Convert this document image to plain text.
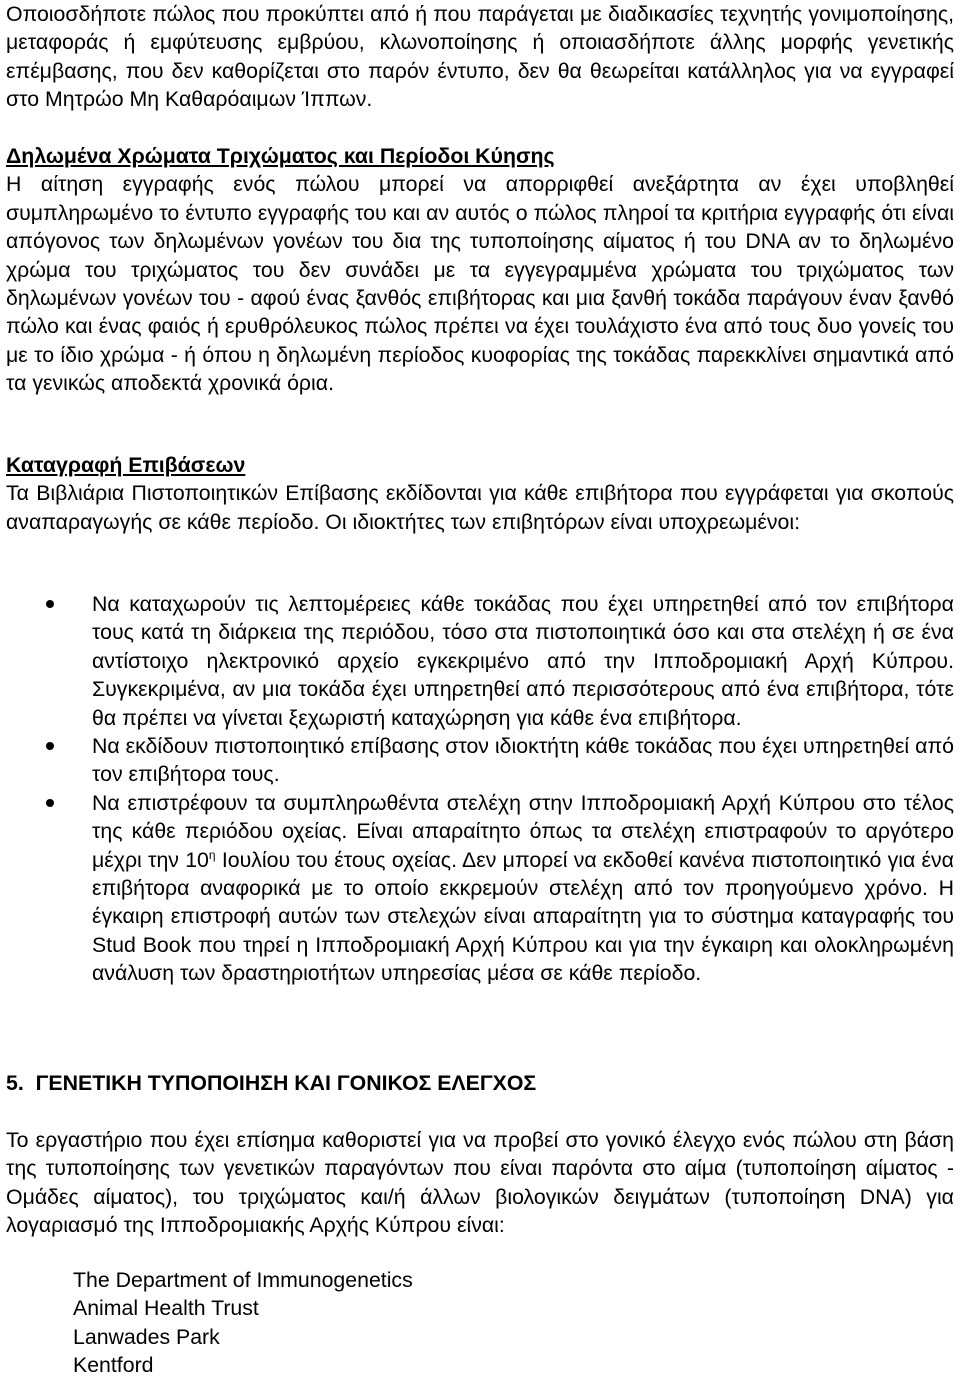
Οποιοσδήποτε πώλος που προκύπτει από ή που παράγεται με διαδικασίες τεχνητής γονιμοποίησης, μεταφοράς ή εμφύτευσης εμβρύου, κλωνοποίησης ή οποιασδήποτε άλλης μορφής γενετικής επέμβασης, που δεν καθορίζεται στο παρόν έντυπο, δεν θα θεωρείται κατάλληλος για να εγγραφεί στο Μητρώο Μη Καθαρόαιμων Ίππων.

Δηλωμένα Χρώματα Τριχώματος και Περίοδοι Κύησης

Η αίτηση εγγραφής ενός πώλου μπορεί να απορριφθεί ανεξάρτητα αν έχει υποβληθεί συμπληρωμένο το έντυπο εγγραφής του και αν αυτός ο πώλος πληροί τα κριτήρια εγγραφής ότι είναι απόγονος των δηλωμένων γονέων του δια της τυποποίησης αίματος ή του DNA αν το δηλωμένο χρώμα του τριχώματος του δεν συνάδει με τα εγγεγραμμένα χρώματα του τριχώματος των δηλωμένων γονέων του - αφού ένας ξανθός επιβήτορας και μια ξανθή τοκάδα παράγουν έναν ξανθό πώλο και ένας φαιός ή ερυθρόλευκος πώλος πρέπει να έχει τουλάχιστο ένα από τους δυο γονείς του με το ίδιο χρώμα - ή όπου η δηλωμένη περίοδος κυοφορίας της τοκάδας παρεκκλίνει σημαντικά από τα γενικώς αποδεκτά χρονικά όρια.

Καταγραφή Επιβάσεων

Τα Βιβλιάρια Πιστοποιητικών Επίβασης εκδίδονται για κάθε επιβήτορα που εγγράφεται για σκοπούς αναπαραγωγής σε κάθε περίοδο. Οι ιδιοκτήτες των επιβητόρων είναι υποχρεωμένοι:

Να καταχωρούν τις λεπτομέρειες κάθε τοκάδας που έχει υπηρετηθεί από τον επιβήτορα τους κατά τη διάρκεια της περιόδου, τόσο στα πιστοποιητικά όσο και στα στελέχη ή σε ένα αντίστοιχο ηλεκτρονικό αρχείο εγκεκριμένο από την Ιπποδρομιακή Αρχή Κύπρου. Συγκεκριμένα, αν μια τοκάδα έχει υπηρετηθεί από περισσότερους από ένα επιβήτορα, τότε θα πρέπει να γίνεται ξεχωριστή καταχώρηση για κάθε ένα επιβήτορα.
Να εκδίδουν πιστοποιητικό επίβασης στον ιδιοκτήτη κάθε τοκάδας που έχει υπηρετηθεί από τον επιβήτορα τους.
Να επιστρέφουν τα συμπληρωθέντα στελέχη στην Ιπποδρομιακή Αρχή Κύπρου στο τέλος της κάθε περιόδου οχείας. Είναι απαραίτητο όπως τα στελέχη επιστραφούν το αργότερο μέχρι την $10^\eta$ Ιουλίου του έτους οχείας. Δεν μπορεί να εκδοθεί κανένα πιστοποιητικό για ένα επιβήτορα αναφορικά με το οποίο εκκρεμούν στελέχη από τον προηγούμενο χρόνο. Η έγκαιρη επιστροφή αυτών των στελεχών είναι απαραίτητη για το σύστημα καταγραφής του Stud Book που τηρεί η Ιπποδρομιακή Αρχή Κύπρου και για την έγκαιρη και ολοκληρωμένη ανάλυση των δραστηριοτήτων υπηρεσίας μέσα σε κάθε περίοδο.
5. ΓΕΝΕΤΙΚΗ ΤΥΠΟΠΟΙΗΣΗ ΚΑΙ ΓΟΝΙΚΟΣ ΕΛΕΓΧΟΣ

Το εργαστήριο που έχει επίσημα καθοριστεί για να προβεί στο γονικό έλεγχο ενός πώλου στη βάση της τυποποίησης των γενετικών παραγόντων που είναι παρόντα στο αίμα (τυποποίηση αίματος - Ομάδες αίματος), του τριχώματος και/ή άλλων βιολογικών δειγμάτων (τυποποίηση DNA) για λογαριασμό της Ιπποδρομιακής Αρχής Κύπρου είναι:

The Department of Immunogenetics
Animal Health Trust
Lanwades Park
Kentford
